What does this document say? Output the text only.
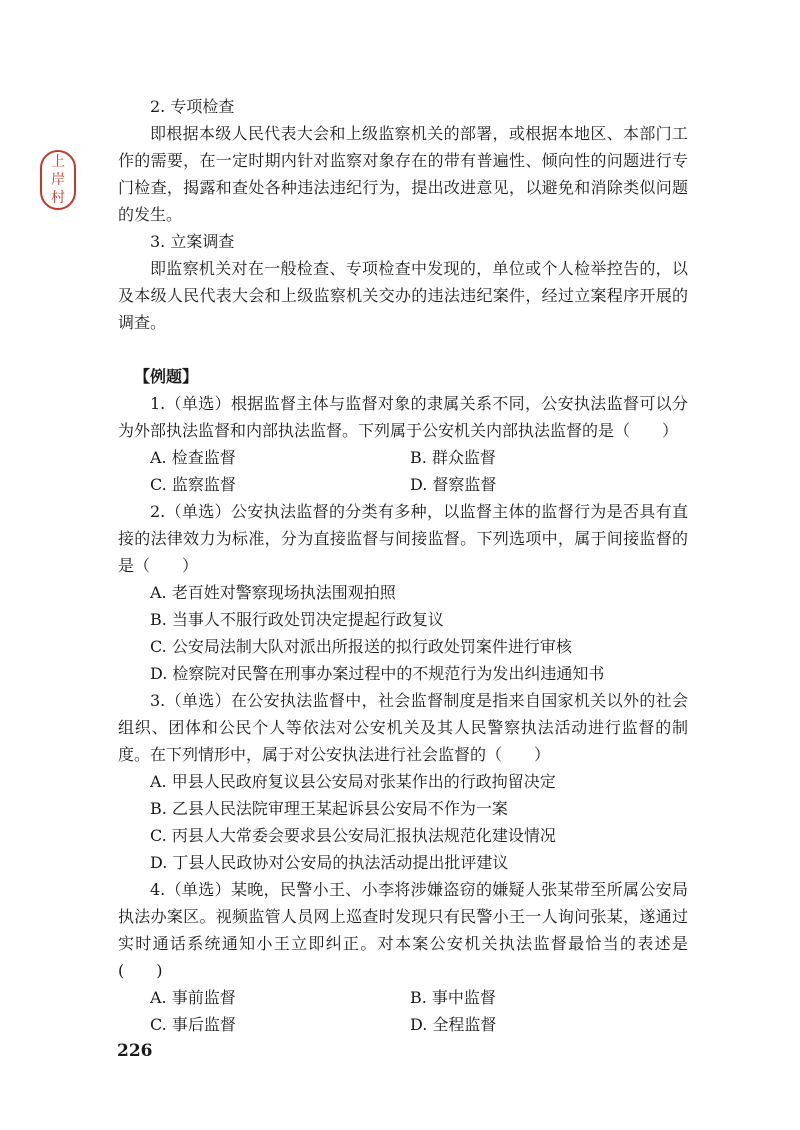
上
岸
村

2. 专项检查

即根据本级人民代表大会和上级监察机关的部署，或根据本地区、本部门工作的需要，在一定时期内针对监察对象存在的带有普遍性、倾向性的问题进行专门检查，揭露和查处各种违法违纪行为，提出改进意见，以避免和消除类似问题的发生。

3. 立案调查

即监察机关对在一般检查、专项检查中发现的，单位或个人检举控告的，以及本级人民代表大会和上级监察机关交办的违法违纪案件，经过立案程序开展的调查。

【例题】

1.（单选）根据监督主体与监督对象的隶属关系不同，公安执法监督可以分为外部执法监督和内部执法监督。下列属于公安机关内部执法监督的是（　　）

A. 检查监督	B. 群众监督
C. 监察监督	D. 督察监督

2.（单选）公安执法监督的分类有多种，以监督主体的监督行为是否具有直接的法律效力为标准，分为直接监督与间接监督。下列选项中，属于间接监督的是（　　）

A. 老百姓对警察现场执法围观拍照
B. 当事人不服行政处罚决定提起行政复议
C. 公安局法制大队对派出所报送的拟行政处罚案件进行审核
D. 检察院对民警在刑事办案过程中的不规范行为发出纠违通知书

3.（单选）在公安执法监督中，社会监督制度是指来自国家机关以外的社会组织、团体和公民个人等依法对公安机关及其人民警察执法活动进行监督的制度。在下列情形中，属于对公安执法进行社会监督的（　　）

A. 甲县人民政府复议县公安局对张某作出的行政拘留决定
B. 乙县人民法院审理王某起诉县公安局不作为一案
C. 丙县人大常委会要求县公安局汇报执法规范化建设情况
D. 丁县人民政协对公安局的执法活动提出批评建议

4.（单选）某晚，民警小王、小李将涉嫌盗窃的嫌疑人张某带至所属公安局执法办案区。视频监管人员网上巡查时发现只有民警小王一人询问张某，遂通过实时通话系统通知小王立即纠正。对本案公安机关执法监督最恰当的表述是(　　)

A. 事前监督	B. 事中监督
C. 事后监督	D. 全程监督
226
